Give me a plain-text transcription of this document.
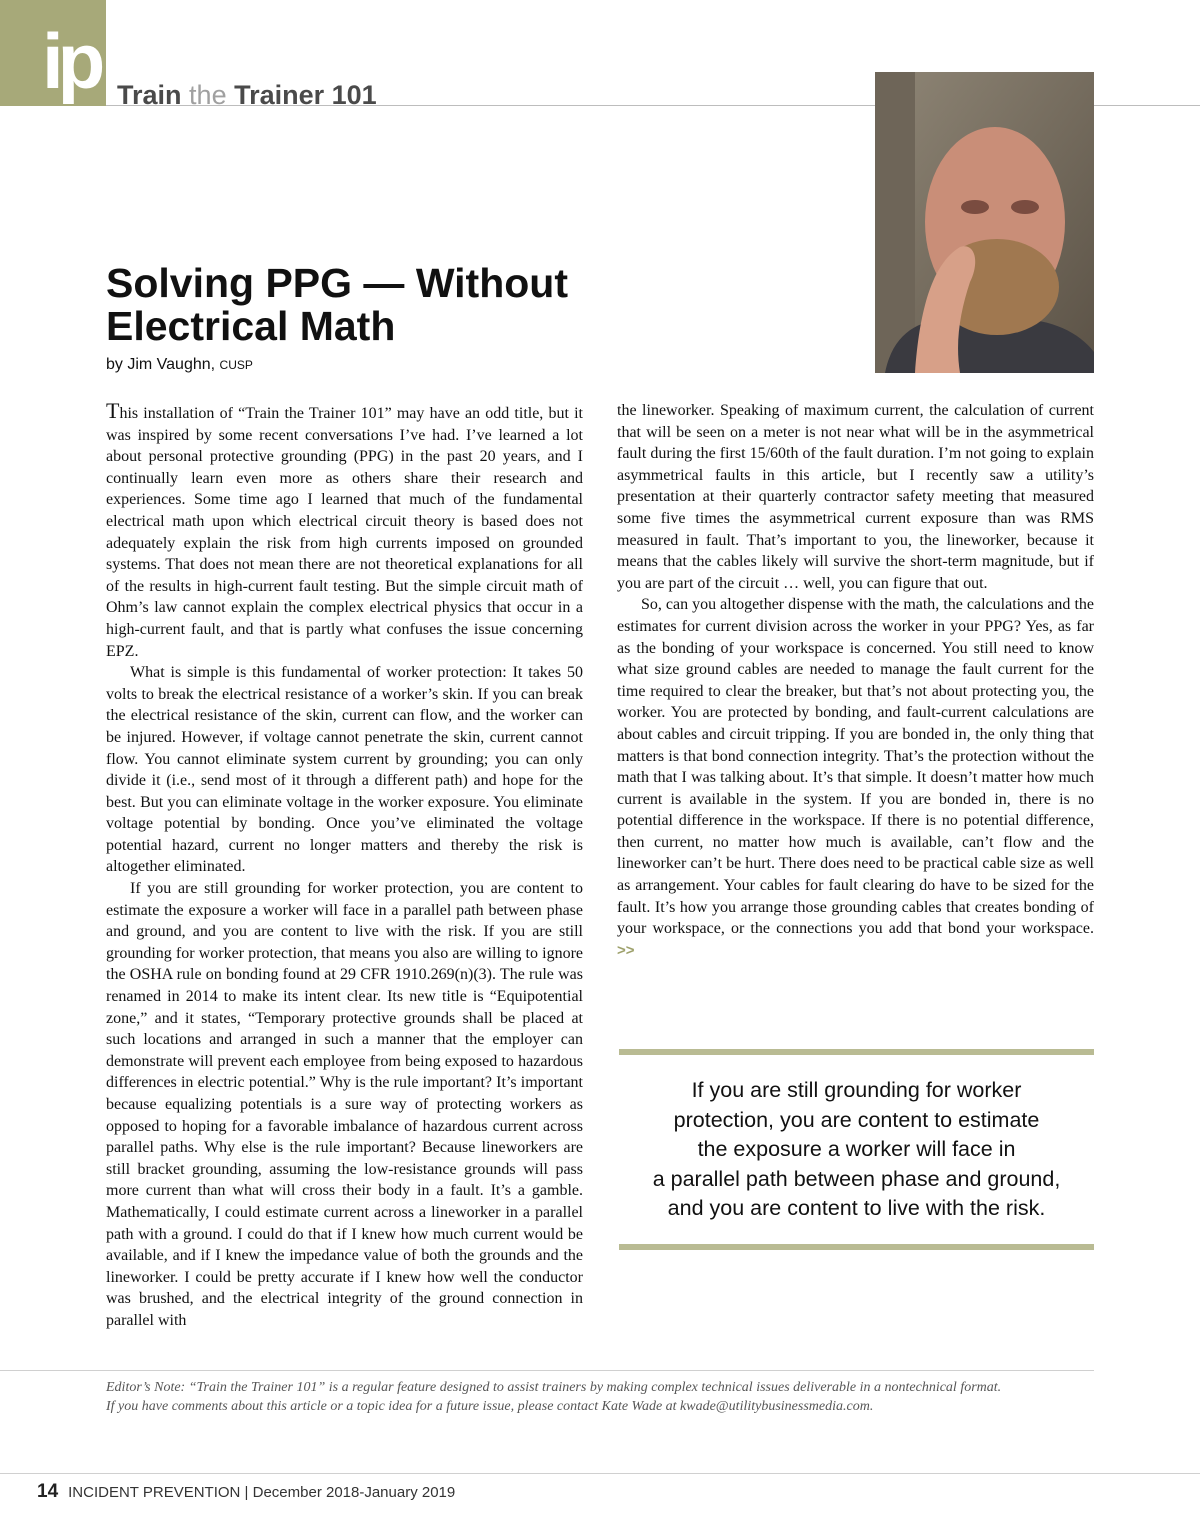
ip Train the Trainer 101
Solving PPG — Without Electrical Math
by Jim Vaughn, CUSP

This installation of “Train the Trainer 101” may have an odd title, but it was inspired by some recent conversations I’ve had. I’ve learned a lot about personal protective grounding (PPG) in the past 20 years, and I continually learn even more as others share their research and experiences. Some time ago I learned that much of the fundamental electrical math upon which electrical circuit theory is based does not adequately explain the risk from high currents imposed on grounded systems. That does not mean there are not theoretical explanations for all of the results in high-current fault testing. But the simple circuit math of Ohm’s law cannot explain the complex electrical physics that occur in a high-current fault, and that is partly what confuses the issue concerning EPZ.

What is simple is this fundamental of worker protection: It takes 50 volts to break the electrical resistance of a worker’s skin. If you can break the electrical resistance of the skin, current can flow, and the worker can be injured. However, if voltage cannot penetrate the skin, current cannot flow. You cannot eliminate system current by grounding; you can only divide it (i.e., send most of it through a different path) and hope for the best. But you can eliminate voltage in the worker exposure. You eliminate voltage potential by bonding. Once you’ve eliminated the voltage potential hazard, current no longer matters and thereby the risk is altogether eliminated.

If you are still grounding for worker protection, you are content to estimate the exposure a worker will face in a parallel path between phase and ground, and you are content to live with the risk. If you are still grounding for worker protection, that means you also are willing to ignore the OSHA rule on bonding found at 29 CFR 1910.269(n)(3). The rule was renamed in 2014 to make its intent clear. Its new title is “Equipotential zone,” and it states, “Temporary protective grounds shall be placed at such locations and arranged in such a manner that the employer can demonstrate will prevent each employee from being exposed to hazardous differences in electric potential.” Why is the rule important? It’s important because equalizing potentials is a sure way of protecting workers as opposed to hoping for a favorable imbalance of hazardous current across parallel paths. Why else is the rule important? Because lineworkers are still bracket grounding, assuming the low-resistance grounds will pass more current than what will cross their body in a fault. It’s a gamble. Mathematically, I could estimate current across a lineworker in a parallel path with a ground. I could do that if I knew how much current would be available, and if I knew the impedance value of both the grounds and the lineworker. I could be pretty accurate if I knew how well the conductor was brushed, and the electrical integrity of the ground connection in parallel with

the lineworker. Speaking of maximum current, the calculation of current that will be seen on a meter is not near what will be in the asymmetrical fault during the first 15/60th of the fault duration. I’m not going to explain asymmetrical faults in this article, but I recently saw a utility’s presentation at their quarterly contractor safety meeting that measured some five times the asymmetrical current exposure than was RMS measured in fault. That’s important to you, the lineworker, because it means that the cables likely will survive the short-term magnitude, but if you are part of the circuit … well, you can figure that out.

So, can you altogether dispense with the math, the calculations and the estimates for current division across the worker in your PPG? Yes, as far as the bonding of your workspace is concerned. You still need to know what size ground cables are needed to manage the fault current for the time required to clear the breaker, but that’s not about protecting you, the worker. You are protected by bonding, and fault-current calculations are about cables and circuit tripping. If you are bonded in, the only thing that matters is that bond connection integrity. That’s the protection without the math that I was talking about. It’s that simple. It doesn’t matter how much current is available in the system. If you are bonded in, there is no potential difference in the workspace. If there is no potential difference, then current, no matter how much is available, can’t flow and the lineworker can’t be hurt. There does need to be practical cable size as well as arrangement. Your cables for fault clearing do have to be sized for the fault. It’s how you arrange those grounding cables that creates bonding of your workspace, or the connections you add that bond your workspace. >>

If you are still grounding for worker
protection, you are content to estimate
the exposure a worker will face in
a parallel path between phase and ground,
and you are content to live with the risk.
Editor’s Note: “Train the Trainer 101” is a regular feature designed to assist trainers by making complex technical issues deliverable in a nontechnical format.
If you have comments about this article or a topic idea for a future issue, please contact Kate Wade at kwade@utilitybusinessmedia.com.
14 INCIDENT PREVENTION | December 2018-January 2019
